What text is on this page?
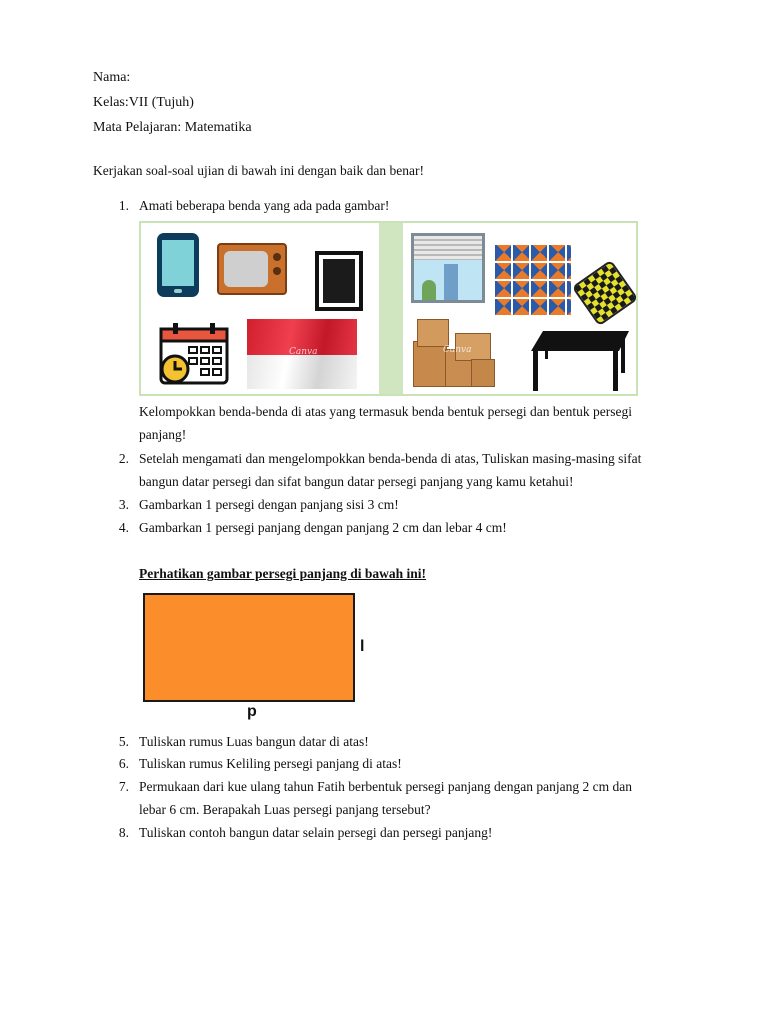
Nama:
Kelas:VII (Tujuh)
Mata Pelajaran: Matematika
Kerjakan soal-soal ujian di bawah ini dengan baik dan benar!
1. Amati beberapa benda yang ada pada gambar!
Canva	Canva
Kelompokkan benda-benda di atas yang termasuk benda bentuk persegi dan bentuk persegi
panjang!
2. Setelah mengamati dan mengelompokkan benda-benda di atas, Tuliskan masing-masing sifat
bangun datar persegi dan sifat bangun datar persegi panjang yang kamu ketahui!
3. Gambarkan 1 persegi dengan panjang sisi 3 cm!
4. Gambarkan 1 persegi panjang dengan panjang 2 cm dan lebar 4 cm!
Perhatikan gambar persegi panjang di bawah ini!
l
p
5. Tuliskan rumus Luas bangun datar di atas!
6. Tuliskan rumus Keliling persegi panjang di atas!
7. Permukaan dari kue ulang tahun Fatih berbentuk persegi panjang dengan panjang 2 cm dan
lebar 6 cm. Berapakah Luas persegi panjang tersebut?
8. Tuliskan contoh bangun datar selain persegi dan persegi panjang!
